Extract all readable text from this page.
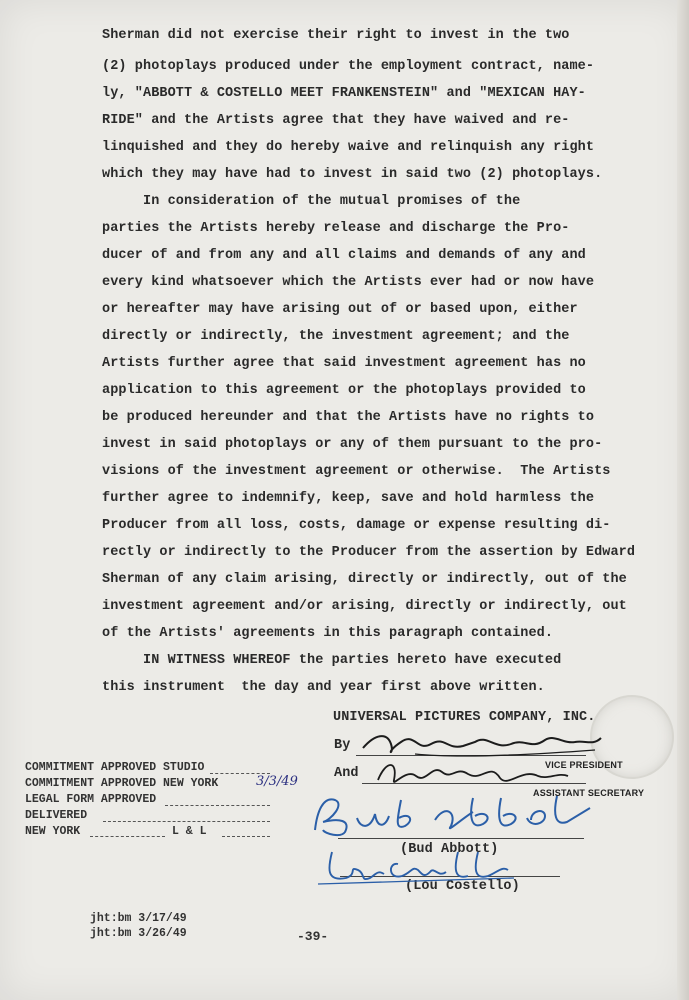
Sherman did not exercise their right to invest in the two
(2) photoplays produced under the employment contract, name-
ly, "ABBOTT & COSTELLO MEET FRANKENSTEIN" and "MEXICAN HAY-
RIDE" and the Artists agree that they have waived and re-
linquished and they do hereby waive and relinquish any right
which they may have had to invest in said two (2) photoplays.
In consideration of the mutual promises of the
parties the Artists hereby release and discharge the Pro-
ducer of and from any and all claims and demands of any and
every kind whatsoever which the Artists ever had or now have
or hereafter may have arising out of or based upon, either
directly or indirectly, the investment agreement; and the
Artists further agree that said investment agreement has no
application to this agreement or the photoplays provided to
be produced hereunder and that the Artists have no rights to
invest in said photoplays or any of them pursuant to the pro-
visions of the investment agreement or otherwise.  The Artists
further agree to indemnify, keep, save and hold harmless the
Producer from all loss, costs, damage or expense resulting di-
rectly or indirectly to the Producer from the assertion by Edward
Sherman of any claim arising, directly or indirectly, out of the
investment agreement and/or arising, directly or indirectly, out
of the Artists' agreements in this paragraph contained.
IN WITNESS WHEREOF the parties hereto have executed
this instrument  the day and year first above written.
UNIVERSAL PICTURES COMPANY, INC.
By
VICE PRESIDENT
And
ASSISTANT SECRETARY
(Bud Abbott)
(Lou Costello)
COMMITMENT APPROVED STUDIO
COMMITMENT APPROVED NEW YORK	3/3/49
LEGAL FORM APPROVED
DELIVERED
NEW YORK	L & L
jht:bm 3/17/49
jht:bm 3/26/49	-39-
